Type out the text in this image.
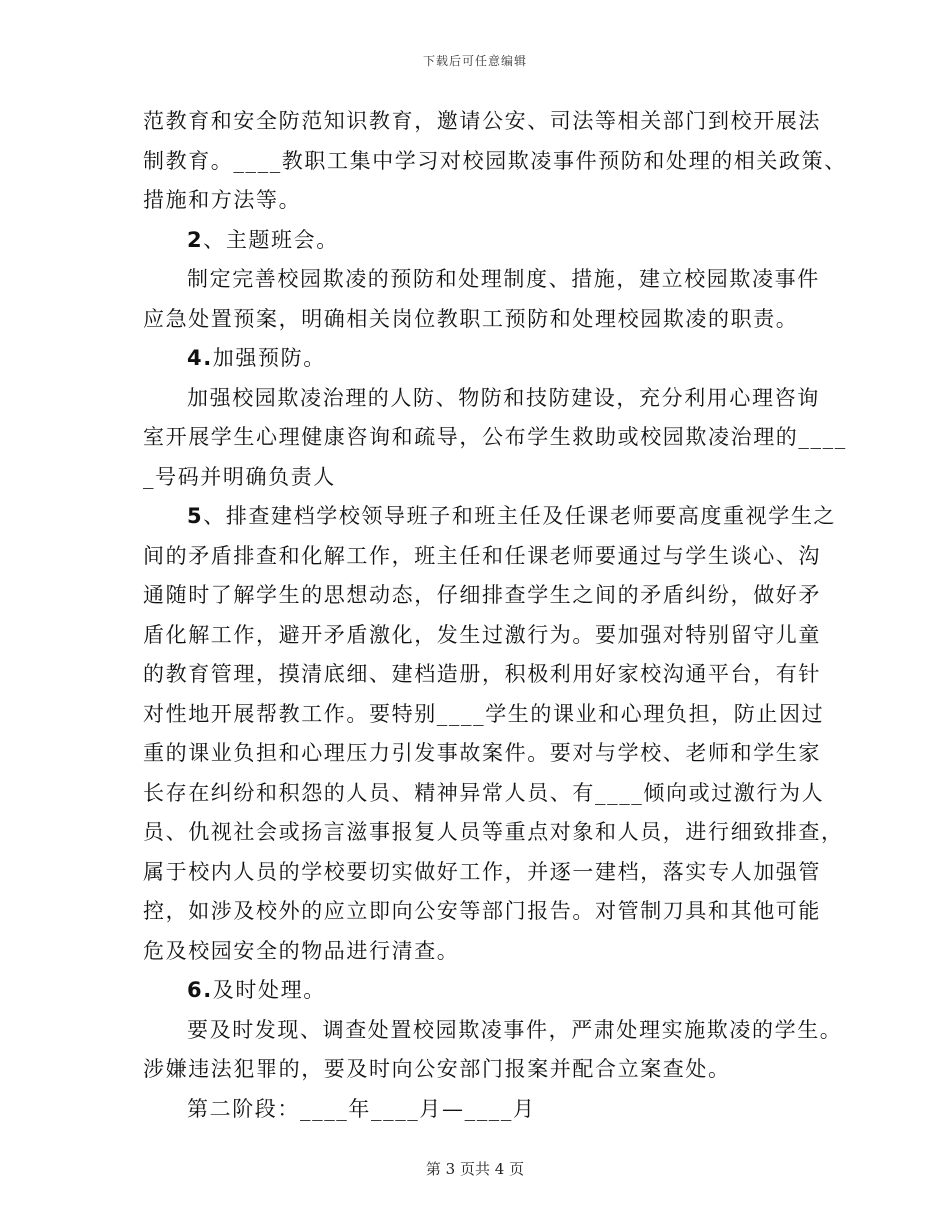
下载后可任意编辑
范教育和安全防范知识教育，邀请公安、司法等相关部门到校开展法
制教育。____教职工集中学习对校园欺凌事件预防和处理的相关政策、
措施和方法等。
2、主题班会。
制定完善校园欺凌的预防和处理制度、措施，建立校园欺凌事件
应急处置预案，明确相关岗位教职工预防和处理校园欺凌的职责。
4.加强预防。
加强校园欺凌治理的人防、物防和技防建设，充分利用心理咨询
室开展学生心理健康咨询和疏导，公布学生救助或校园欺凌治理的____
_号码并明确负责人
5、排查建档学校领导班子和班主任及任课老师要高度重视学生之
间的矛盾排查和化解工作，班主任和任课老师要通过与学生谈心、沟
通随时了解学生的思想动态，仔细排查学生之间的矛盾纠纷，做好矛
盾化解工作，避开矛盾激化，发生过激行为。要加强对特别留守儿童
的教育管理，摸清底细、建档造册，积极利用好家校沟通平台，有针
对性地开展帮教工作。要特别____学生的课业和心理负担，防止因过
重的课业负担和心理压力引发事故案件。要对与学校、老师和学生家
长存在纠纷和积怨的人员、精神异常人员、有____倾向或过激行为人
员、仇视社会或扬言滋事报复人员等重点对象和人员，进行细致排查，
属于校内人员的学校要切实做好工作，并逐一建档，落实专人加强管
控，如涉及校外的应立即向公安等部门报告。对管制刀具和其他可能
危及校园安全的物品进行清查。
6.及时处理。
要及时发现、调查处置校园欺凌事件，严肃处理实施欺凌的学生。
涉嫌违法犯罪的，要及时向公安部门报案并配合立案查处。
第二阶段：____年____月—____月
第 3 页共 4 页
